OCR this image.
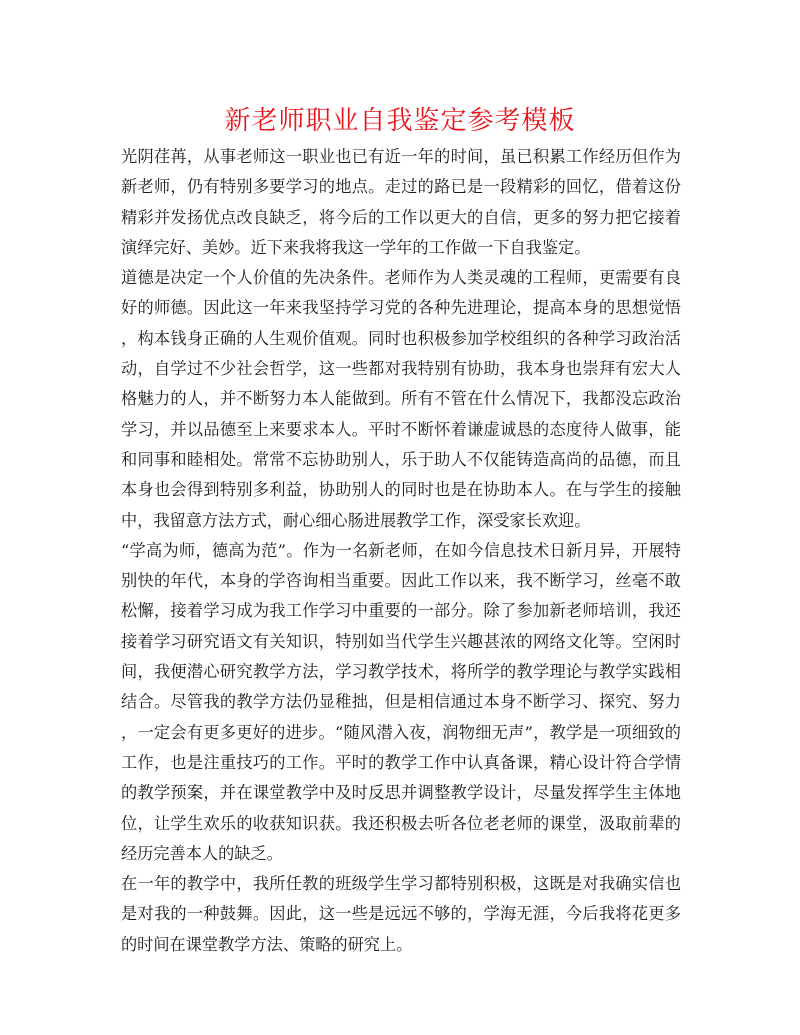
新老师职业自我鉴定参考模板

光阴荏苒，从事老师这一职业也已有近一年的时间，虽已积累工作经历但作为新老师，仍有特别多要学习的地点。走过的路已是一段精彩的回忆，借着这份精彩并发扬优点改良缺乏，将今后的工作以更大的自信，更多的努力把它接着演绎完好、美妙。近下来我将我这一学年的工作做一下自我鉴定。

道德是决定一个人价值的先决条件。老师作为人类灵魂的工程师，更需要有良好的师德。因此这一年来我坚持学习党的各种先进理论，提高本身的思想觉悟，构本钱身正确的人生观价值观。同时也积极参加学校组织的各种学习政治活动，自学过不少社会哲学，这一些都对我特别有协助，我本身也崇拜有宏大人格魅力的人，并不断努力本人能做到。所有不管在什么情况下，我都没忘政治学习，并以品德至上来要求本人。平时不断怀着谦虚诚恳的态度待人做事，能和同事和睦相处。常常不忘协助别人，乐于助人不仅能铸造高尚的品德，而且本身也会得到特别多利益，协助别人的同时也是在协助本人。在与学生的接触中，我留意方法方式，耐心细心肠进展教学工作，深受家长欢迎。

“学高为师，德高为范”。作为一名新老师，在如今信息技术日新月异，开展特别快的年代，本身的学咨询相当重要。因此工作以来，我不断学习，丝毫不敢松懈，接着学习成为我工作学习中重要的一部分。除了参加新老师培训，我还接着学习研究语文有关知识，特别如当代学生兴趣甚浓的网络文化等。空闲时间，我便潜心研究教学方法，学习教学技术，将所学的教学理论与教学实践相结合。尽管我的教学方法仍显稚拙，但是相信通过本身不断学习、探究、努力，一定会有更多更好的进步。“随风潜入夜，润物细无声”，教学是一项细致的工作，也是注重技巧的工作。平时的教学工作中认真备课，精心设计符合学情的教学预案，并在课堂教学中及时反思并调整教学设计，尽量发挥学生主体地位，让学生欢乐的收获知识获。我还积极去听各位老老师的课堂，汲取前辈的经历完善本人的缺乏。

在一年的教学中，我所任教的班级学生学习都特别积极，这既是对我确实信也是对我的一种鼓舞。因此，这一些是远远不够的，学海无涯，今后我将花更多的时间在课堂教学方法、策略的研究上。
